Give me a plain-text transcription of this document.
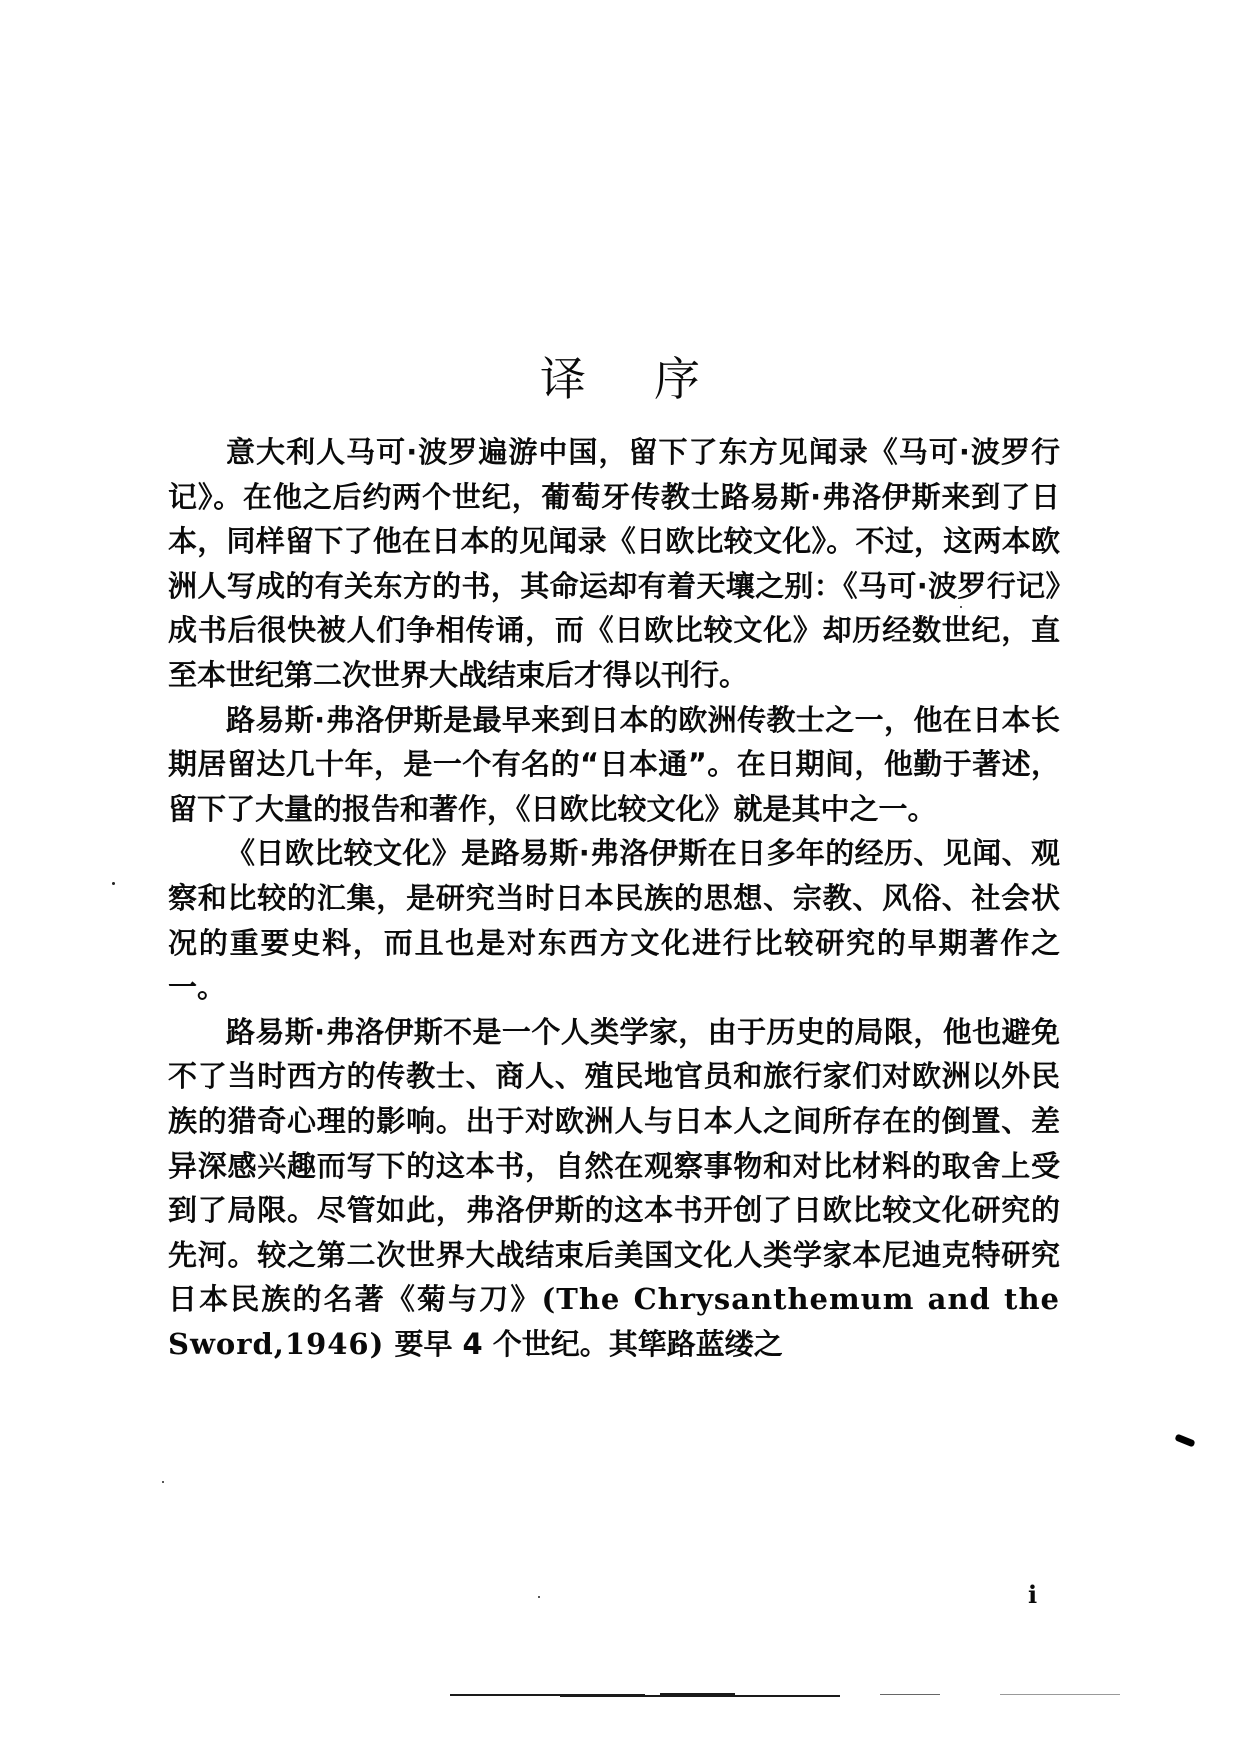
译 序

意大利人马可·波罗遍游中国，留下了东方见闻录《马可·波罗行记》。在他之后约两个世纪，葡萄牙传教士路易斯·弗洛伊斯来到了日本，同样留下了他在日本的见闻录《日欧比较文化》。不过，这两本欧洲人写成的有关东方的书，其命运却有着天壤之别：《马可·波罗行记》成书后很快被人们争相传诵，而《日欧比较文化》却历经数世纪，直至本世纪第二次世界大战结束后才得以刊行。

路易斯·弗洛伊斯是最早来到日本的欧洲传教士之一，他在日本长期居留达几十年，是一个有名的“日本通”。在日期间，他勤于著述，留下了大量的报告和著作，《日欧比较文化》就是其中之一。

《日欧比较文化》是路易斯·弗洛伊斯在日多年的经历、见闻、观察和比较的汇集，是研究当时日本民族的思想、宗教、风俗、社会状况的重要史料，而且也是对东西方文化进行比较研究的早期著作之一。

路易斯·弗洛伊斯不是一个人类学家，由于历史的局限，他也避免不了当时西方的传教士、商人、殖民地官员和旅行家们对欧洲以外民族的猎奇心理的影响。出于对欧洲人与日本人之间所存在的倒置、差异深感兴趣而写下的这本书，自然在观察事物和对比材料的取舍上受到了局限。尽管如此，弗洛伊斯的这本书开创了日欧比较文化研究的先河。较之第二次世界大战结束后美国文化人类学家本尼迪克特研究日本民族的名著《菊与刀》(The Chrysanthemum and the Sword,1946) 要早 4 个世纪。其筚路蓝缕之

i
